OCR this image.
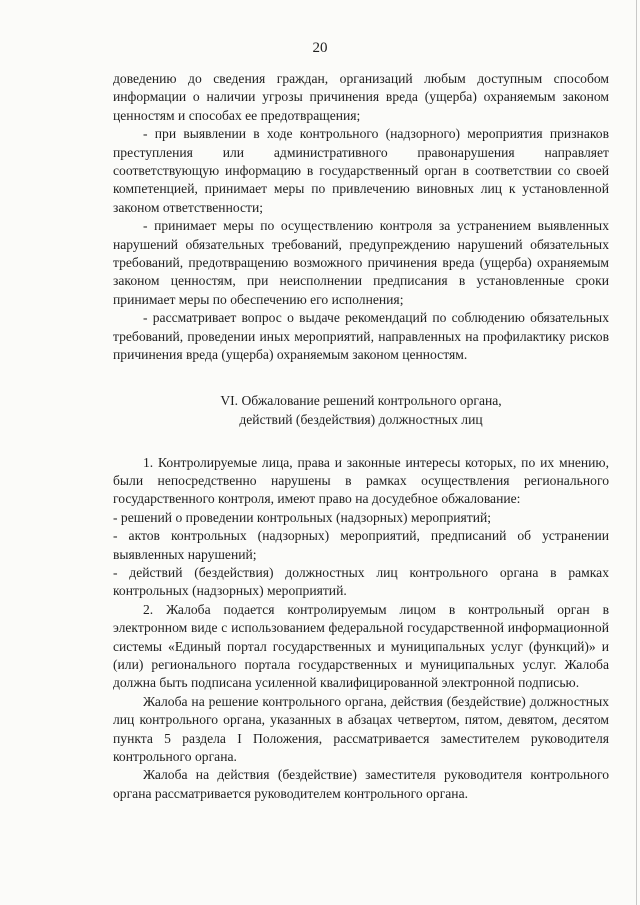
20

доведению до сведения граждан, организаций любым доступным способом информации о наличии угрозы причинения вреда (ущерба) охраняемым законом ценностям и способах ее предотвращения;

- при выявлении в ходе контрольного (надзорного) мероприятия признаков преступления или административного правонарушения направляет соответствующую информацию в государственный орган в соответствии со своей компетенцией, принимает меры по привлечению виновных лиц к установленной законом ответственности;

- принимает меры по осуществлению контроля за устранением выявленных нарушений обязательных требований, предупреждению нарушений обязательных требований, предотвращению возможного причинения вреда (ущерба) охраняемым законом ценностям, при неисполнении предписания в установленные сроки принимает меры по обеспечению его исполнения;

- рассматривает вопрос о выдаче рекомендаций по соблюдению обязательных требований, проведении иных мероприятий, направленных на профилактику рисков причинения вреда (ущерба) охраняемым законом ценностям.

VI. Обжалование решений контрольного органа,
действий (бездействия) должностных лиц

1. Контролируемые лица, права и законные интересы которых, по их мнению, были непосредственно нарушены в рамках осуществления регионального государственного контроля, имеют право на досудебное обжалование:

- решений о проведении контрольных (надзорных) мероприятий;

- актов контрольных (надзорных) мероприятий, предписаний об устранении выявленных нарушений;

- действий (бездействия) должностных лиц контрольного органа в рамках контрольных (надзорных) мероприятий.

2. Жалоба подается контролируемым лицом в контрольный орган в электронном виде с использованием федеральной государственной информационной системы «Единый портал государственных и муниципальных услуг (функций)» и (или) регионального портала государственных и муниципальных услуг. Жалоба должна быть подписана усиленной квалифицированной электронной подписью.

Жалоба на решение контрольного органа, действия (бездействие) должностных лиц контрольного органа, указанных в абзацах четвертом, пятом, девятом, десятом пункта 5 раздела I Положения, рассматривается заместителем руководителя контрольного органа.

Жалоба на действия (бездействие) заместителя руководителя контрольного органа рассматривается руководителем контрольного органа.
